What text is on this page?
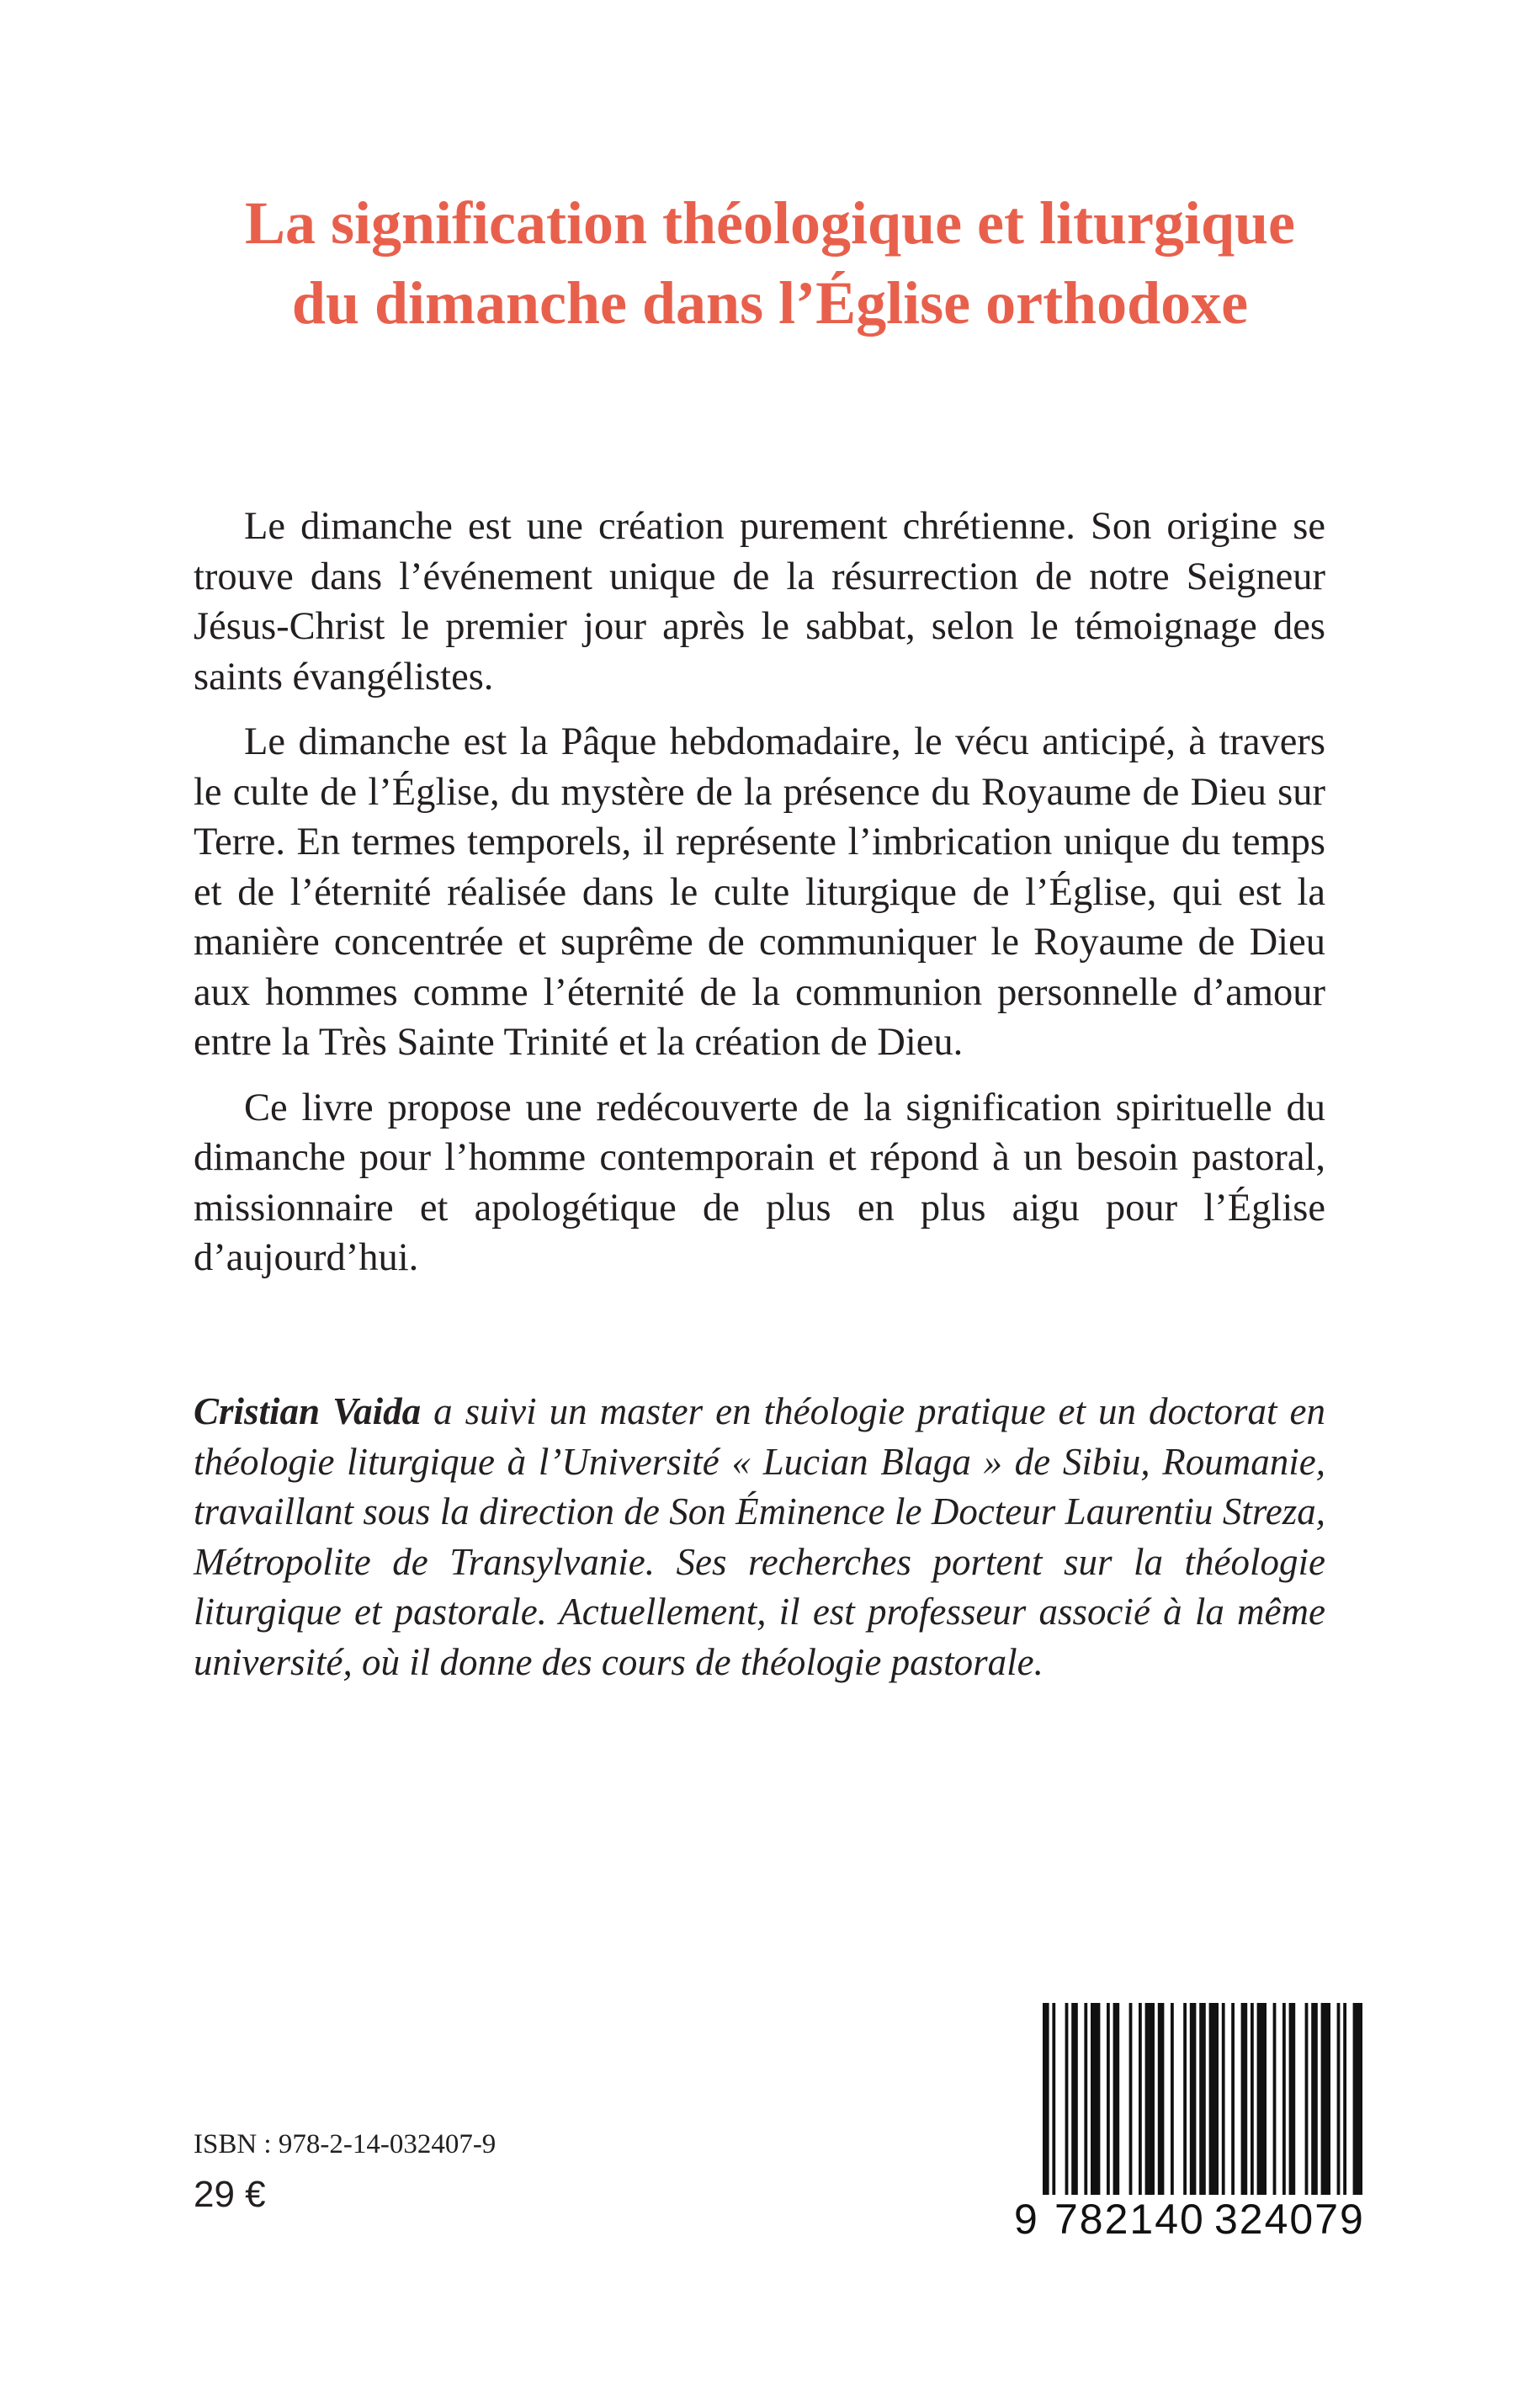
La signification théologique et liturgique
du dimanche dans l’Église orthodoxe

Le dimanche est une création purement chrétienne. Son origine se trouve dans l’événement unique de la résurrection de notre Seigneur Jésus-Christ le premier jour après le sabbat, selon le témoignage des saints évangélistes.

Le dimanche est la Pâque hebdomadaire, le vécu anticipé, à travers le culte de l’Église, du mystère de la présence du Royaume de Dieu sur Terre. En termes temporels, il représente l’imbrication unique du temps et de l’éternité réalisée dans le culte liturgique de l’Église, qui est la manière concentrée et suprême de communiquer le Royaume de Dieu aux hommes comme l’éternité de la communion personnelle d’amour entre la Très Sainte Trinité et la création de Dieu.

Ce livre propose une redécouverte de la signification spirituelle du dimanche pour l’homme contemporain et répond à un besoin pastoral, missionnaire et apologétique de plus en plus aigu pour l’Église d’aujourd’hui.

Cristian Vaida a suivi un master en théologie pratique et un doctorat en théologie liturgique à l’Université « Lucian Blaga » de Sibiu, Roumanie, travaillant sous la direction de Son Éminence le Docteur Laurentiu Streza, Métropolite de Transylvanie. Ses recherches portent sur la théologie liturgique et pastorale. Actuellement, il est professeur associé à la même université, où il donne des cours de théologie pastorale.
ISBN : 978-2-14-032407-9
29 €
9 782140 324079
